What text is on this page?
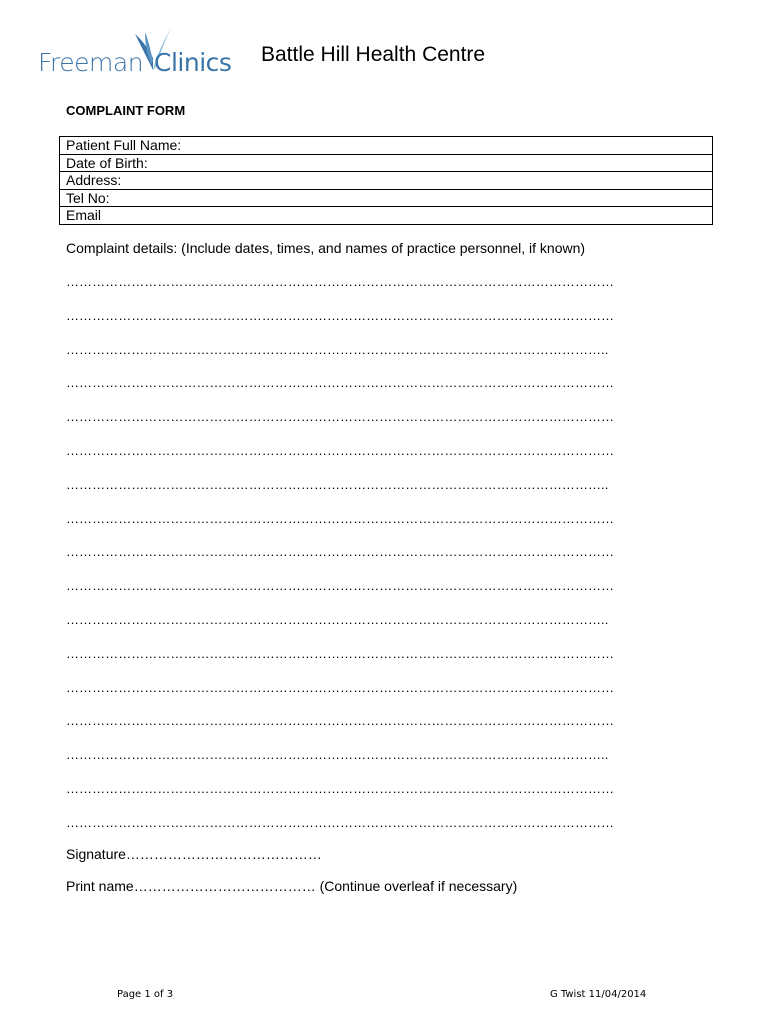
Freeman Clinics Battle Hill Health Centre
COMPLAINT FORM
Patient Full Name:
Date of Birth:
Address:
Tel No:
Email
Complaint details: (Include dates, times, and names of practice personnel, if known)
………………………………………………………………………………………………………………
………………………………………………………………………………………………………………
……………………………………………………………………………………………………………..
………………………………………………………………………………………………………………
………………………………………………………………………………………………………………
………………………………………………………………………………………………………………
……………………………………………………………………………………………………………..
………………………………………………………………………………………………………………
………………………………………………………………………………………………………………
………………………………………………………………………………………………………………
……………………………………………………………………………………………………………..
………………………………………………………………………………………………………………
………………………………………………………………………………………………………………
………………………………………………………………………………………………………………
……………………………………………………………………………………………………………..
………………………………………………………………………………………………………………
………………………………………………………………………………………………………………
Signature……………………………………
Print name………………………………… (Continue overleaf if necessary)
Page 1 of 3	G Twist 11/04/2014
